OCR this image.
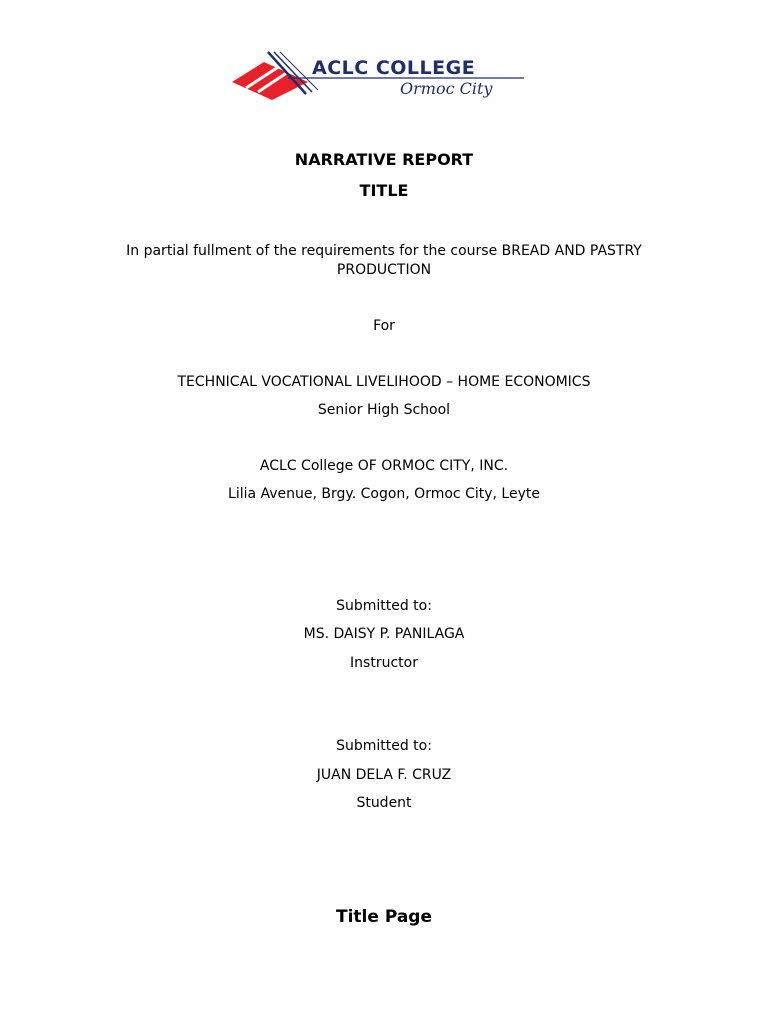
ACLC COLLEGE
Ormoc City
NARRATIVE REPORT
TITLE
In partial fullment of the requirements for the course BREAD AND PASTRY PRODUCTION
For
TECHNICAL VOCATIONAL LIVELIHOOD – HOME ECONOMICS
Senior High School
ACLC College OF ORMOC CITY, INC.
Lilia Avenue, Brgy. Cogon, Ormoc City, Leyte
Submitted to:
MS. DAISY P. PANILAGA
Instructor
Submitted to:
JUAN DELA F. CRUZ
Student
Title Page
